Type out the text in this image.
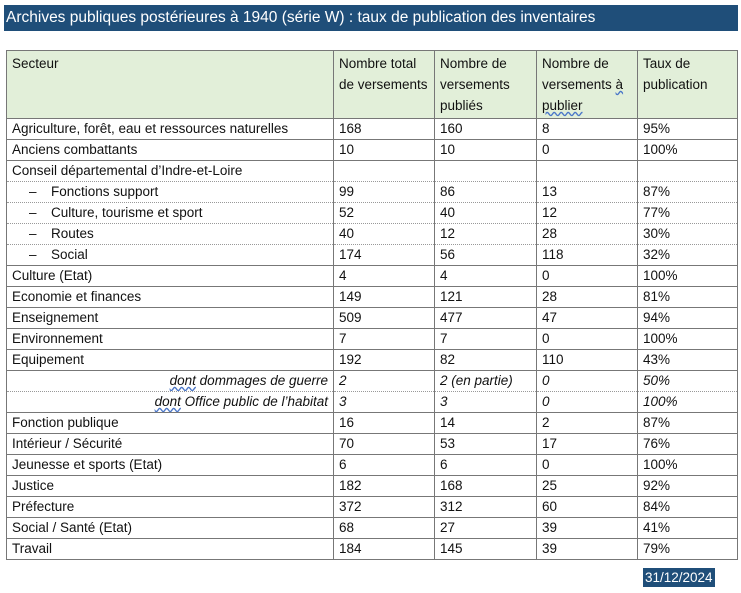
Archives publiques postérieures à 1940 (série W) : taux de publication des inventaires
Secteur	Nombre total de versements	Nombre de versements publiés	Nombre de versements à publier	Taux de publication
Agriculture, forêt, eau et ressources naturelles	168	160	8	95%
Anciens combattants	10	10	0	100%
Conseil départemental d’Indre-et-Loire				
– Fonctions support	99	86	13	87%
– Culture, tourisme et sport	52	40	12	77%
– Routes	40	12	28	30%
– Social	174	56	118	32%
Culture (Etat)	4	4	0	100%
Economie et finances	149	121	28	81%
Enseignement	509	477	47	94%
Environnement	7	7	0	100%
Equipement	192	82	110	43%
dont dommages de guerre	2	2 (en partie)	0	50%
dont Office public de l’habitat	3	3	0	100%
Fonction publique	16	14	2	87%
Intérieur / Sécurité	70	53	17	76%
Jeunesse et sports (Etat)	6	6	0	100%
Justice	182	168	25	92%
Préfecture	372	312	60	84%
Social / Santé (Etat)	68	27	39	41%
Travail	184	145	39	79%
31/12/2024
